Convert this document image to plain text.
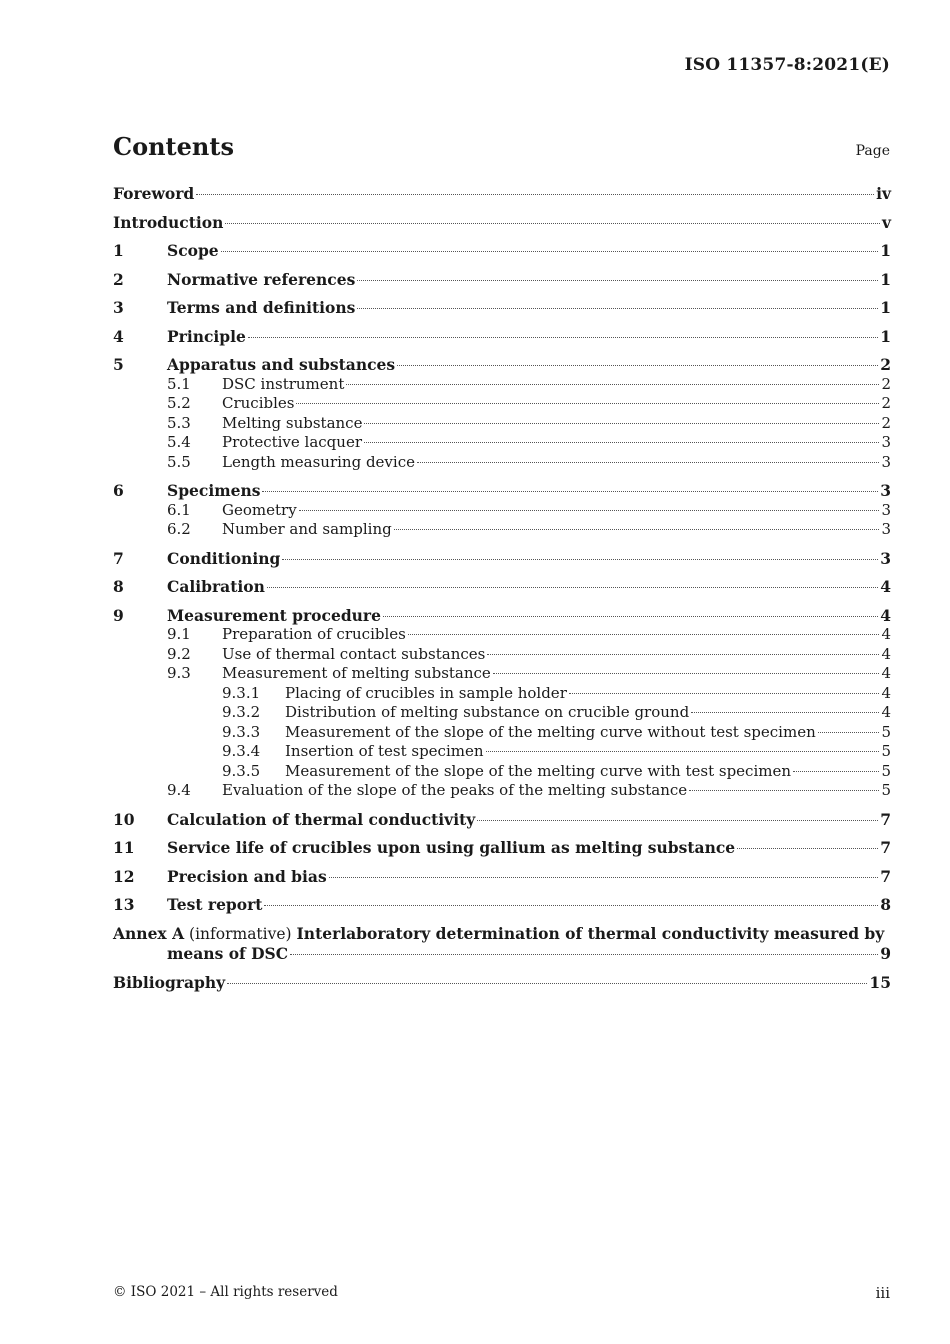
ISO 11357-8:2021(E)
Contents	Page
Foreword	iv
Introduction	v
1	Scope	1
2	Normative references	1
3	Terms and definitions	1
4	Principle	1
5	Apparatus and substances	2
5.1	DSC instrument	2
5.2	Crucibles	2
5.3	Melting substance	2
5.4	Protective lacquer	3
5.5	Length measuring device	3
6	Specimens	3
6.1	Geometry	3
6.2	Number and sampling	3
7	Conditioning	3
8	Calibration	4
9	Measurement procedure	4
9.1	Preparation of crucibles	4
9.2	Use of thermal contact substances	4
9.3	Measurement of melting substance	4
9.3.1	Placing of crucibles in sample holder	4
9.3.2	Distribution of melting substance on crucible ground	4
9.3.3	Measurement of the slope of the melting curve without test specimen	5
9.3.4	Insertion of test specimen	5
9.3.5	Measurement of the slope of the melting curve with test specimen	5
9.4	Evaluation of the slope of the peaks of the melting substance	5
10	Calculation of thermal conductivity	7
11	Service life of crucibles upon using gallium as melting substance	7
12	Precision and bias	7
13	Test report	8
Annex A (informative) Interlaboratory determination of thermal conductivity measured by
means of DSC	9
Bibliography	15
© ISO 2021 – All rights reserved	iii
